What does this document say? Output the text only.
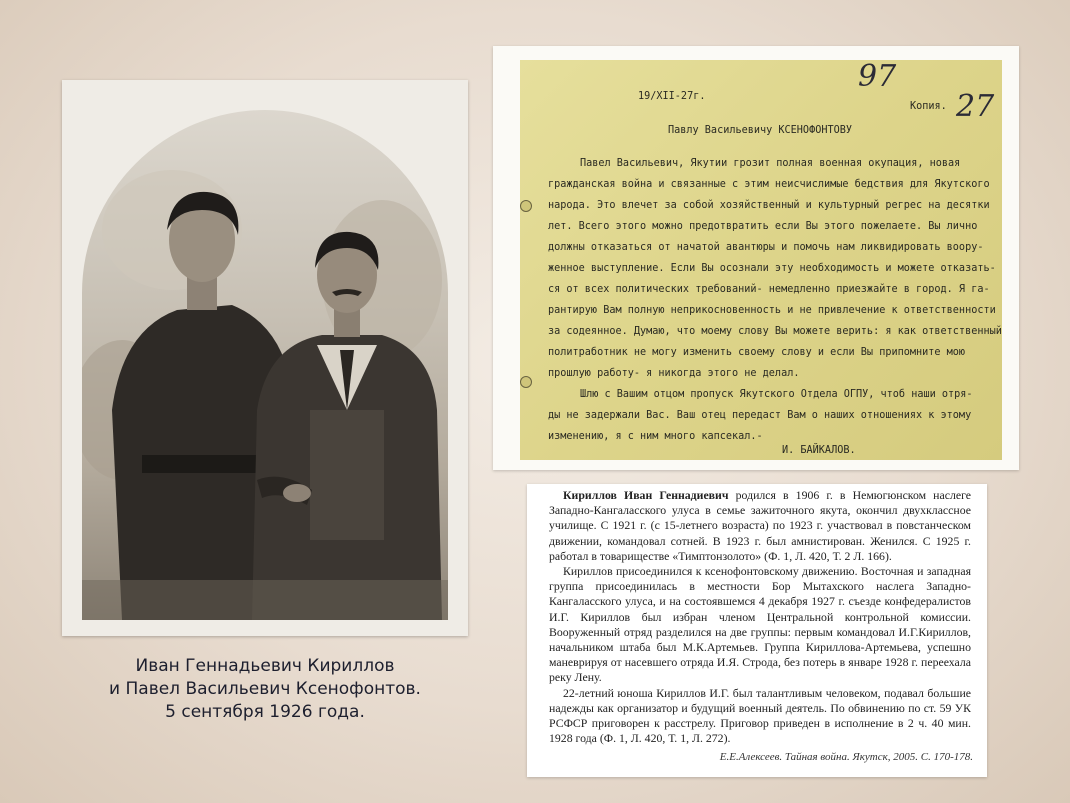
Иван Геннадьевич Кириллов
и Павел Васильевич Ксенофонтов.
5 сентября 1926 года.
19/XII-27г.
97
Копия. 27
Павлу Васильевичу КСЕНОФОНТОВУ
Павел Васильевич, Якутии грозит полная военная окупация, новая
гражданская война и связанные с этим неисчислимые бедствия для Якутского
народа. Это влечет за собой хозяйственный и культурный регрес на десятки
лет. Всего этого можно предотвратить если Вы этого пожелаете. Вы лично
должны отказаться от начатой авантюры и помочь нам ликвидировать воору-
женное выступление. Если Вы осознали эту необходимость и можете отказать-
ся от всех политических требований- немедленно приезжайте в город. Я га-
рантирую Вам полную неприкосновенность и не привлечение к ответственности
за содеянное. Думаю, что моему слову Вы можете верить: я как ответственный
политработник не могу изменить своему слову и если Вы припомните мою
прошлую работу- я никогда этого не делал.
Шлю с Вашим отцом пропуск Якутского Отдела ОГПУ, чтоб наши отря-
ды не задержали Вас. Ваш отец передаст Вам о наших отношениях к этому
изменению, я с ним много капсекал.-
И. БАЙКАЛОВ.

Кириллов Иван Геннадиевич родился в 1906 г. в Немюгюнском наслеге Западно-Кангаласского улуса в семье зажиточного якута, окончил двухклассное училище. С 1921 г. (с 15-летнего возраста) по 1923 г. участвовал в повстанческом движении, командовал сотней. В 1923 г. был амнистирован. Женился. С 1925 г. работал в товариществе «Тимптонзолото» (Ф. 1, Л. 420, Т. 2 Л. 166).

Кириллов присоединился к ксенофонтовскому движению. Восточная и западная группа присоединилась в местности Бор Мытахского наслега Западно-Кангаласского улуса, и на состоявшемся 4 декабря 1927 г. съезде конфедералистов И.Г. Кириллов был избран членом Центральной контрольной комиссии. Вооруженный отряд разделился на две группы: первым командовал И.Г.Кириллов, начальником штаба был М.К.Артемьев. Группа Кириллова-Артемьева, успешно маневрируя от насевшего отряда И.Я. Строда, без потерь в январе 1928 г. переехала реку Лену.

22-летний юноша Кириллов И.Г. был талантливым человеком, подавал большие надежды как организатор и будущий военный деятель. По обвинению по ст. 59 УК РСФСР приговорен к расстрелу. Приговор приведен в исполнение в 2 ч. 40 мин. 1928 года (Ф. 1, Л. 420, Т. 1, Л. 272).

Е.Е.Алексеев. Тайная война. Якутск, 2005. С. 170-178.
